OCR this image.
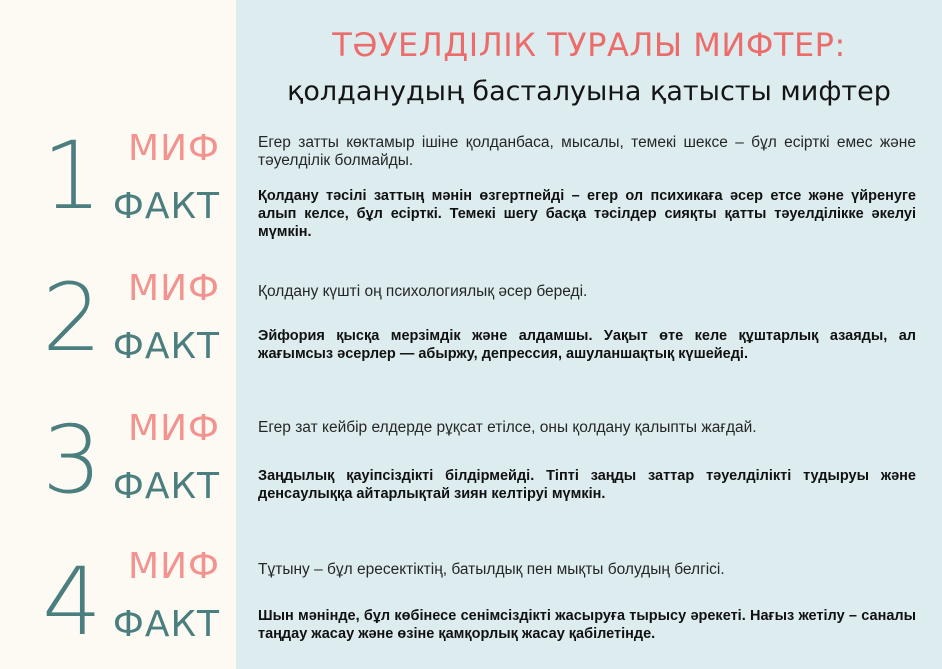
ТӘУЕЛДІЛІК ТУРАЛЫ МИФТЕР:
қолданудың басталуына қатысты мифтер
1 МИФ
ФАКТ
Егер затты көктамыр ішіне қолданбаса, мысалы, темекі шексе – бұл есірткі емес және тәуелділік болмайды.
Қолдану тәсілі заттың мәнін өзгертпейді – егер ол психикаға әсер етсе және үйренуге алып келсе, бұл есірткі. Темекі шегу басқа тәсілдер сияқты қатты тәуелділікке әкелуі мүмкін.
2 МИФ
ФАКТ
Қолдану күшті оң психологиялық әсер береді.
Эйфория қысқа мерзімдік және алдамшы. Уақыт өте келе құштарлық азаяды, ал жағымсыз әсерлер — абыржу, депрессия, ашуланшақтық күшейеді.
3 МИФ
ФАКТ
Егер зат кейбір елдерде рұқсат етілсе, оны қолдану қалыпты жағдай.
Заңдылық қауіпсіздікті білдірмейді. Тіпті заңды заттар тәуелділікті тудыруы және денсаулыққа айтарлықтай зиян келтіруі мүмкін.
4 МИФ
ФАКТ
Тұтыну – бұл ересектіктің, батылдық пен мықты болудың белгісі.
Шын мәнінде, бұл көбінесе сенімсіздікті жасыруға тырысу әрекеті. Нағыз жетілу – саналы таңдау жасау және өзіне қамқорлық жасау қабілетінде.
